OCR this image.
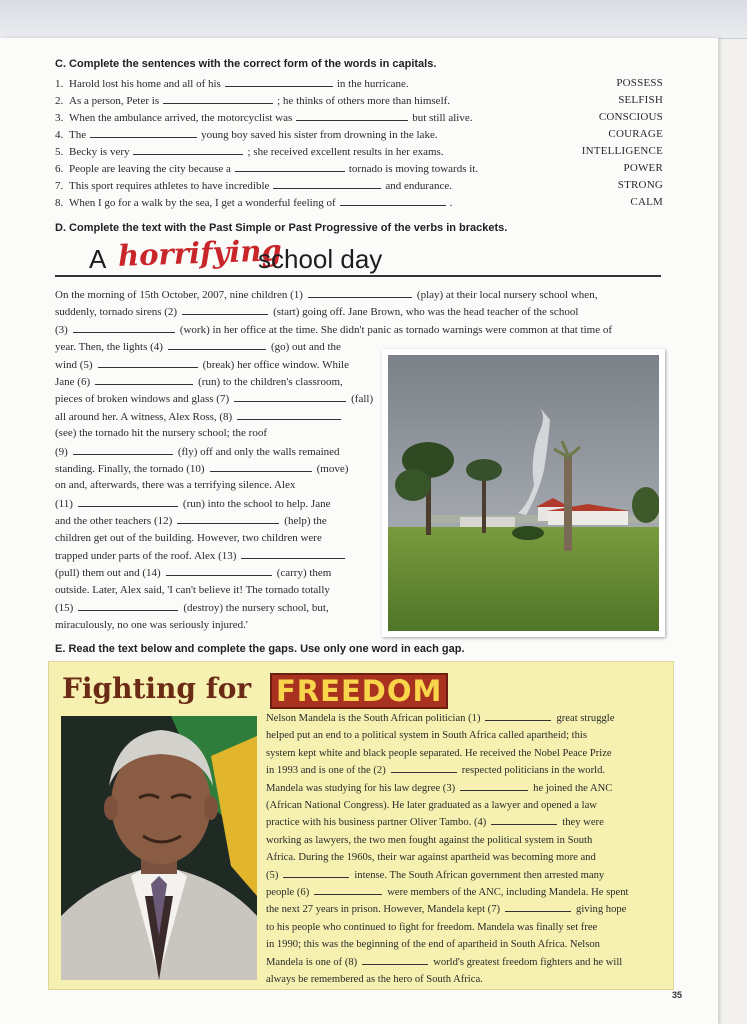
C. Complete the sentences with the correct form of the words in capitals.
1. Harold lost his home and all of his	in the hurricane.	POSSESS
2. As a person, Peter is	; he thinks of others more than himself.	SELFISH
3. When the ambulance arrived, the motorcyclist was	but still alive.	CONSCIOUS
4. The	young boy saved his sister from drowning in the lake.	COURAGE
5. Becky is very	; she received excellent results in her exams.	INTELLIGENCE
6. People are leaving the city because a	tornado is moving towards it.	POWER
7. This sport requires athletes to have incredible	and endurance.	STRONG
8. When I go for a walk by the sea, I get a wonderful feeling of	.	CALM
D. Complete the text with the Past Simple or Past Progressive of the verbs in brackets.
A horrifying
school day
On the morning of 15th October, 2007, nine children (1)	(play) at their local nursery school when,
suddenly, tornado sirens (2)	(start) going off. Jane Brown, who was the head teacher of the school
(3)	(work) in her office at the time. She didn't panic as tornado warnings were common at that time of
year. Then, the lights (4)	(go) out and the
wind (5)	(break) her office window. While
Jane (6)	(run) to the children's classroom,
pieces of broken windows and glass (7)	(fall)
all around her. A witness, Alex Ross, (8)
(see) the tornado hit the nursery school; the roof
(9)	(fly) off and only the walls remained
standing. Finally, the tornado (10)	(move)
on and, afterwards, there was a terrifying silence. Alex
(11)	(run) into the school to help. Jane
and the other teachers (12)	(help) the
children get out of the building. However, two children were
trapped under parts of the roof. Alex (13)
(pull) them out and (14)	(carry) them
outside. Later, Alex said, 'I can't believe it! The tornado totally
(15)	(destroy) the nursery school, but,
miraculously, no one was seriously injured.'
E. Read the text below and complete the gaps. Use only one word in each gap.
Fighting for FREEDOM
Nelson Mandela is the South African politician (1)	great struggle
helped put an end to a political system in South Africa called apartheid; this
system kept white and black people separated. He received the Nobel Peace Prize
in 1993 and is one of the (2)	respected politicians in the world.
Mandela was studying for his law degree (3)	he joined the ANC
(African National Congress). He later graduated as a lawyer and opened a law
practice with his business partner Oliver Tambo. (4)	they were
working as lawyers, the two men fought against the political system in South
Africa. During the 1960s, their war against apartheid was becoming more and
(5)	intense. The South African government then arrested many
people (6)	were members of the ANC, including Mandela. He spent
the next 27 years in prison. However, Mandela kept (7)	giving hope
to his people who continued to fight for freedom. Mandela was finally set free
in 1990; this was the beginning of the end of apartheid in South Africa. Nelson
Mandela is one of (8)	world's greatest freedom fighters and he will
always be remembered as the hero of South Africa.
35
